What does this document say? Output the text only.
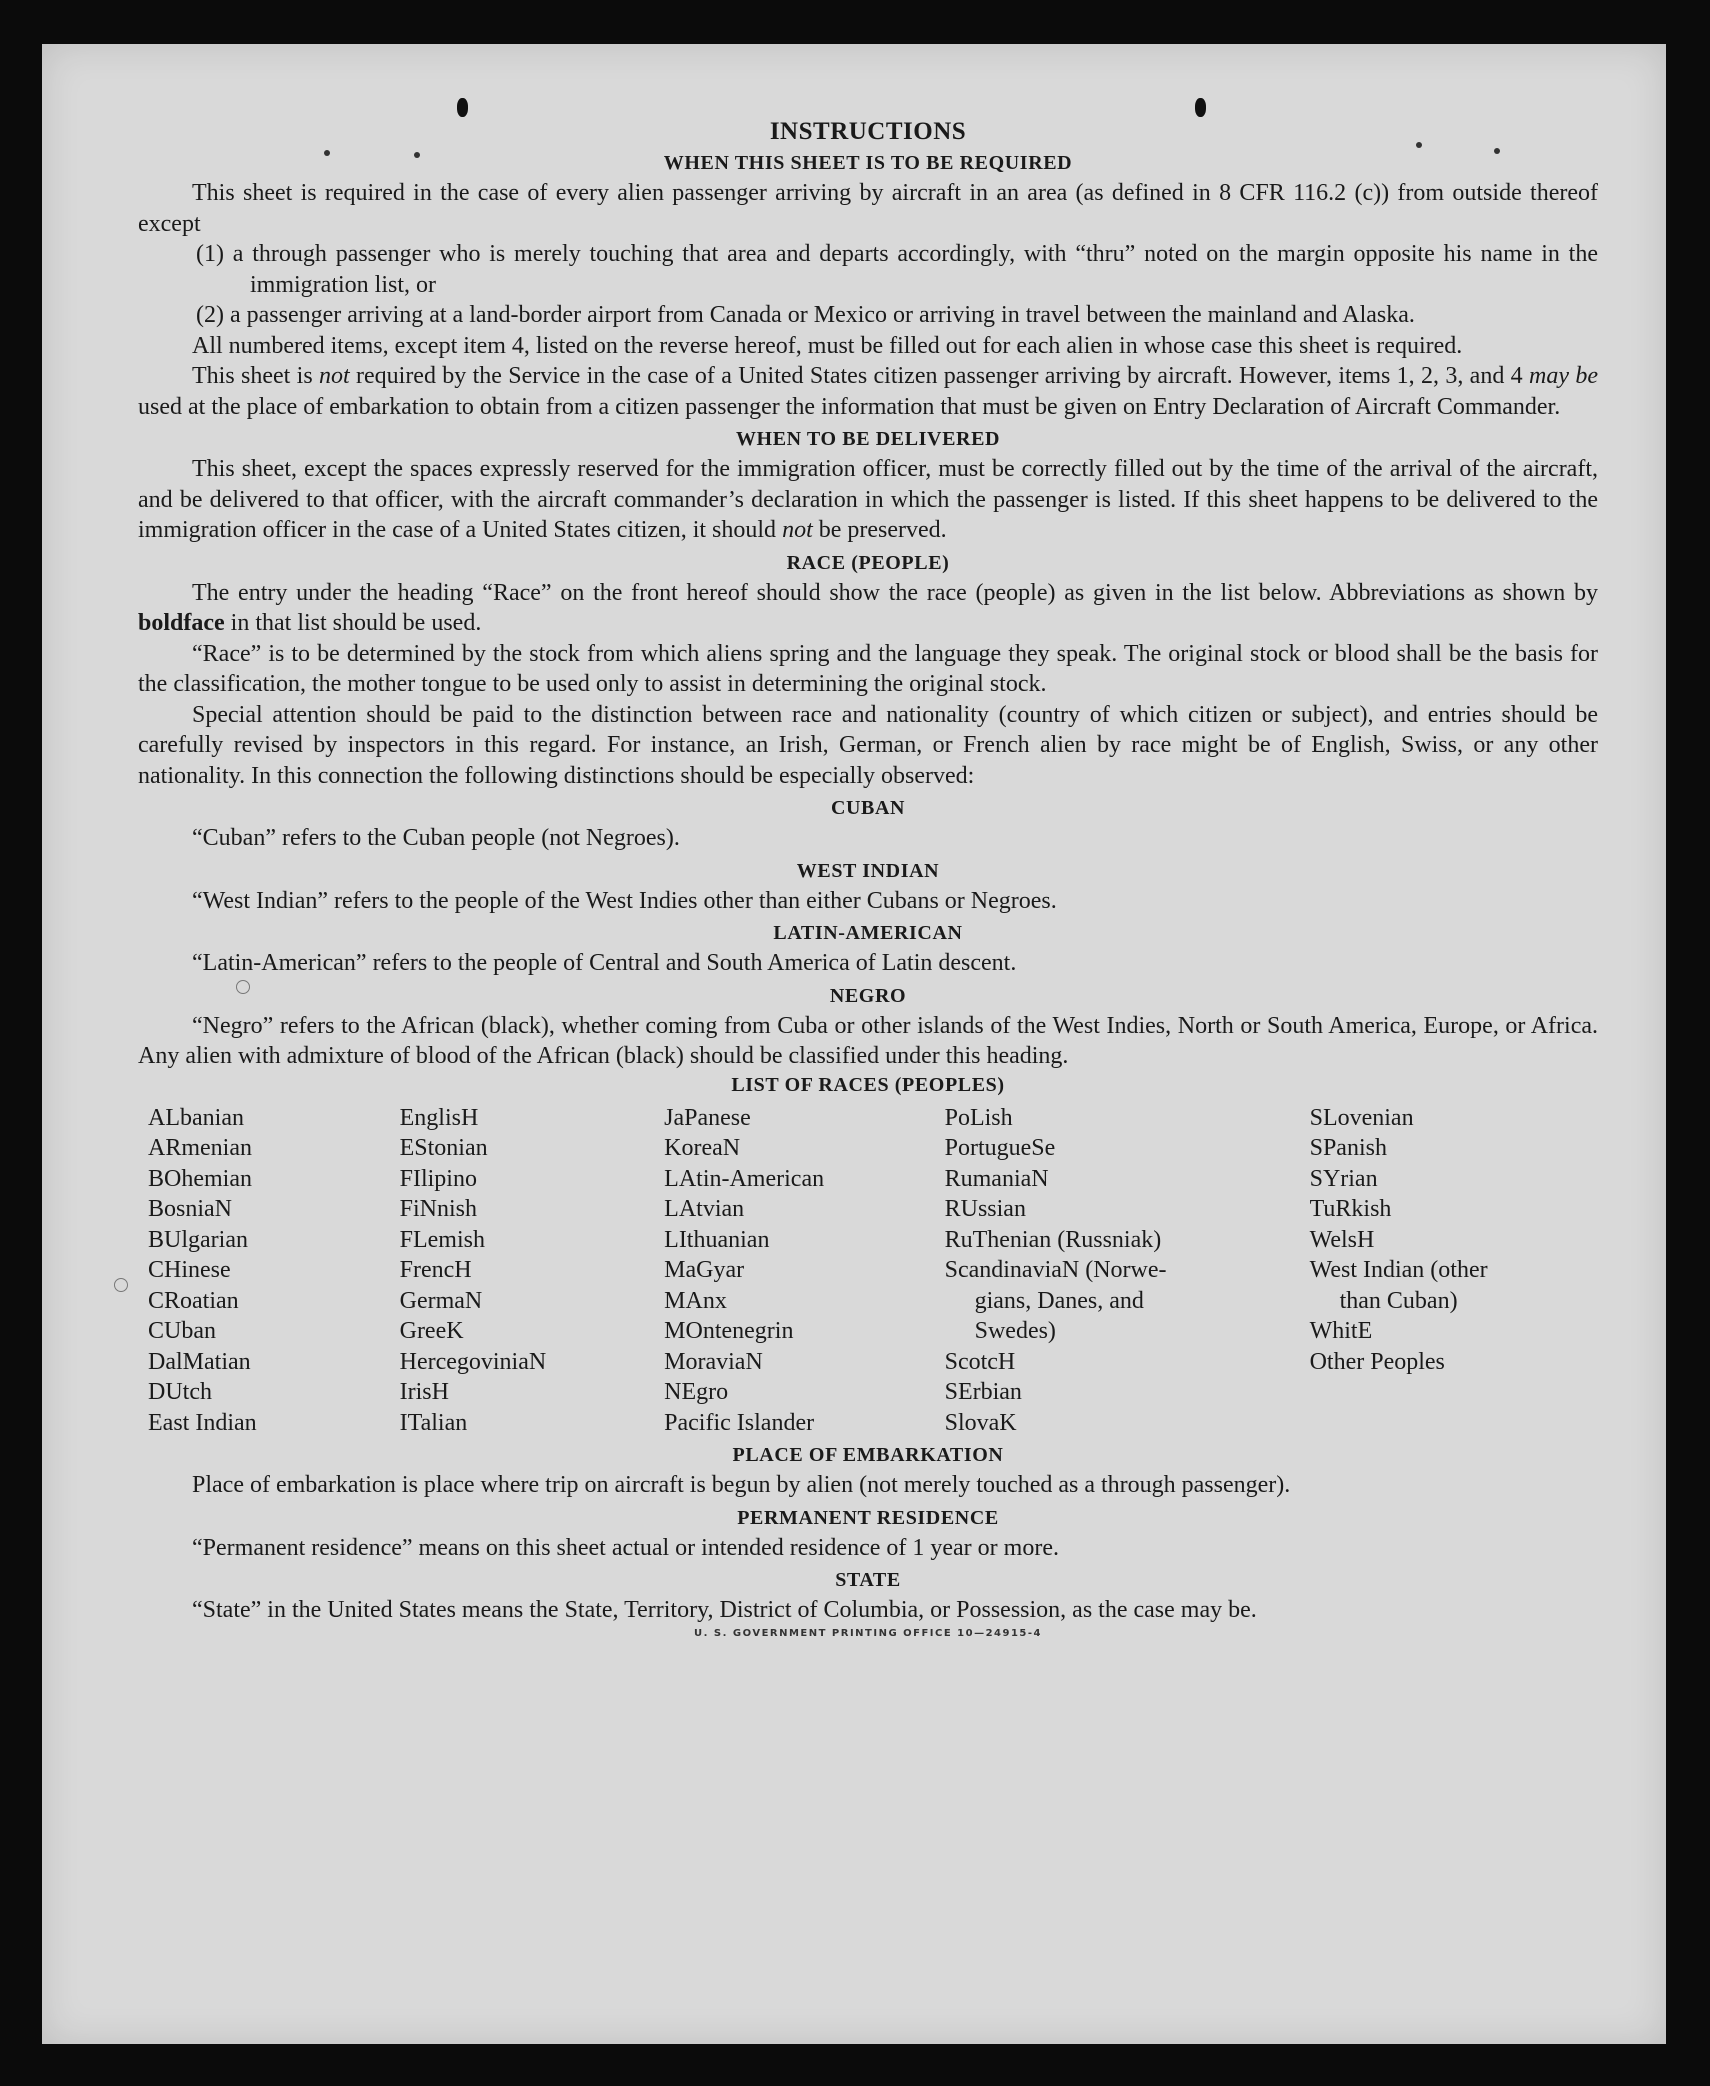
INSTRUCTIONS
WHEN THIS SHEET IS TO BE REQUIRED

This sheet is required in the case of every alien passenger arriving by aircraft in an area (as defined in 8 CFR 116.2 (c)) from outside thereof except

(1) a through passenger who is merely touching that area and departs accordingly, with “thru” noted on the margin opposite his name in the immigration list, or

(2) a passenger arriving at a land-border airport from Canada or Mexico or arriving in travel between the mainland and Alaska.

All numbered items, except item 4, listed on the reverse hereof, must be filled out for each alien in whose case this sheet is required.

This sheet is not required by the Service in the case of a United States citizen passenger arriving by aircraft. However, items 1, 2, 3, and 4 may be used at the place of embarkation to obtain from a citizen passenger the information that must be given on Entry Declaration of Aircraft Commander.

WHEN TO BE DELIVERED

This sheet, except the spaces expressly reserved for the immigration officer, must be correctly filled out by the time of the arrival of the aircraft, and be delivered to that officer, with the aircraft commander’s declaration in which the passenger is listed. If this sheet happens to be delivered to the immigration officer in the case of a United States citizen, it should not be preserved.

RACE (PEOPLE)

The entry under the heading “Race” on the front hereof should show the race (people) as given in the list below. Abbreviations as shown by boldface in that list should be used.

“Race” is to be determined by the stock from which aliens spring and the language they speak. The original stock or blood shall be the basis for the classification, the mother tongue to be used only to assist in determining the original stock.

Special attention should be paid to the distinction between race and nationality (country of which citizen or subject), and entries should be carefully revised by inspectors in this regard. For instance, an Irish, German, or French alien by race might be of English, Swiss, or any other nationality. In this connection the following distinctions should be especially observed:

CUBAN

“Cuban” refers to the Cuban people (not Negroes).

WEST INDIAN

“West Indian” refers to the people of the West Indies other than either Cubans or Negroes.

LATIN-AMERICAN

“Latin-American” refers to the people of Central and South America of Latin descent.

NEGRO

“Negro” refers to the African (black), whether coming from Cuba or other islands of the West Indies, North or South America, Europe, or Africa. Any alien with admixture of blood of the African (black) should be classified under this heading.

LIST OF RACES (PEOPLES)
ALbanian
ARmenian
BOhemian
BosniaN
BUlgarian
CHinese
CRoatian
CUban
DalMatian
DUtch
East Indian
EnglisH
EStonian
FIlipino
FiNnish
FLemish
FrencH
GermaN
GreeK
HercegoviniaN
IrisH
ITalian
JaPanese
KoreaN
LAtin-American
LAtvian
LIthuanian
MaGyar
MAnx
MOntenegrin
MoraviaN
NEgro
Pacific Islander
PoLish
PortugueSe
RumaniaN
RUssian
RuThenian (Russniak)
ScandinaviaN (Norwe-
gians, Danes, and
Swedes)
ScotcH
SErbian
SlovaK
SLovenian
SPanish
SYrian
TuRkish
WelsH
West Indian (other
than Cuban)
WhitE
Other Peoples
PLACE OF EMBARKATION

Place of embarkation is place where trip on aircraft is begun by alien (not merely touched as a through passenger).

PERMANENT RESIDENCE

“Permanent residence” means on this sheet actual or intended residence of 1 year or more.

STATE

“State” in the United States means the State, Territory, District of Columbia, or Possession, as the case may be.

U. S. GOVERNMENT PRINTING OFFICE 10—24915-4
